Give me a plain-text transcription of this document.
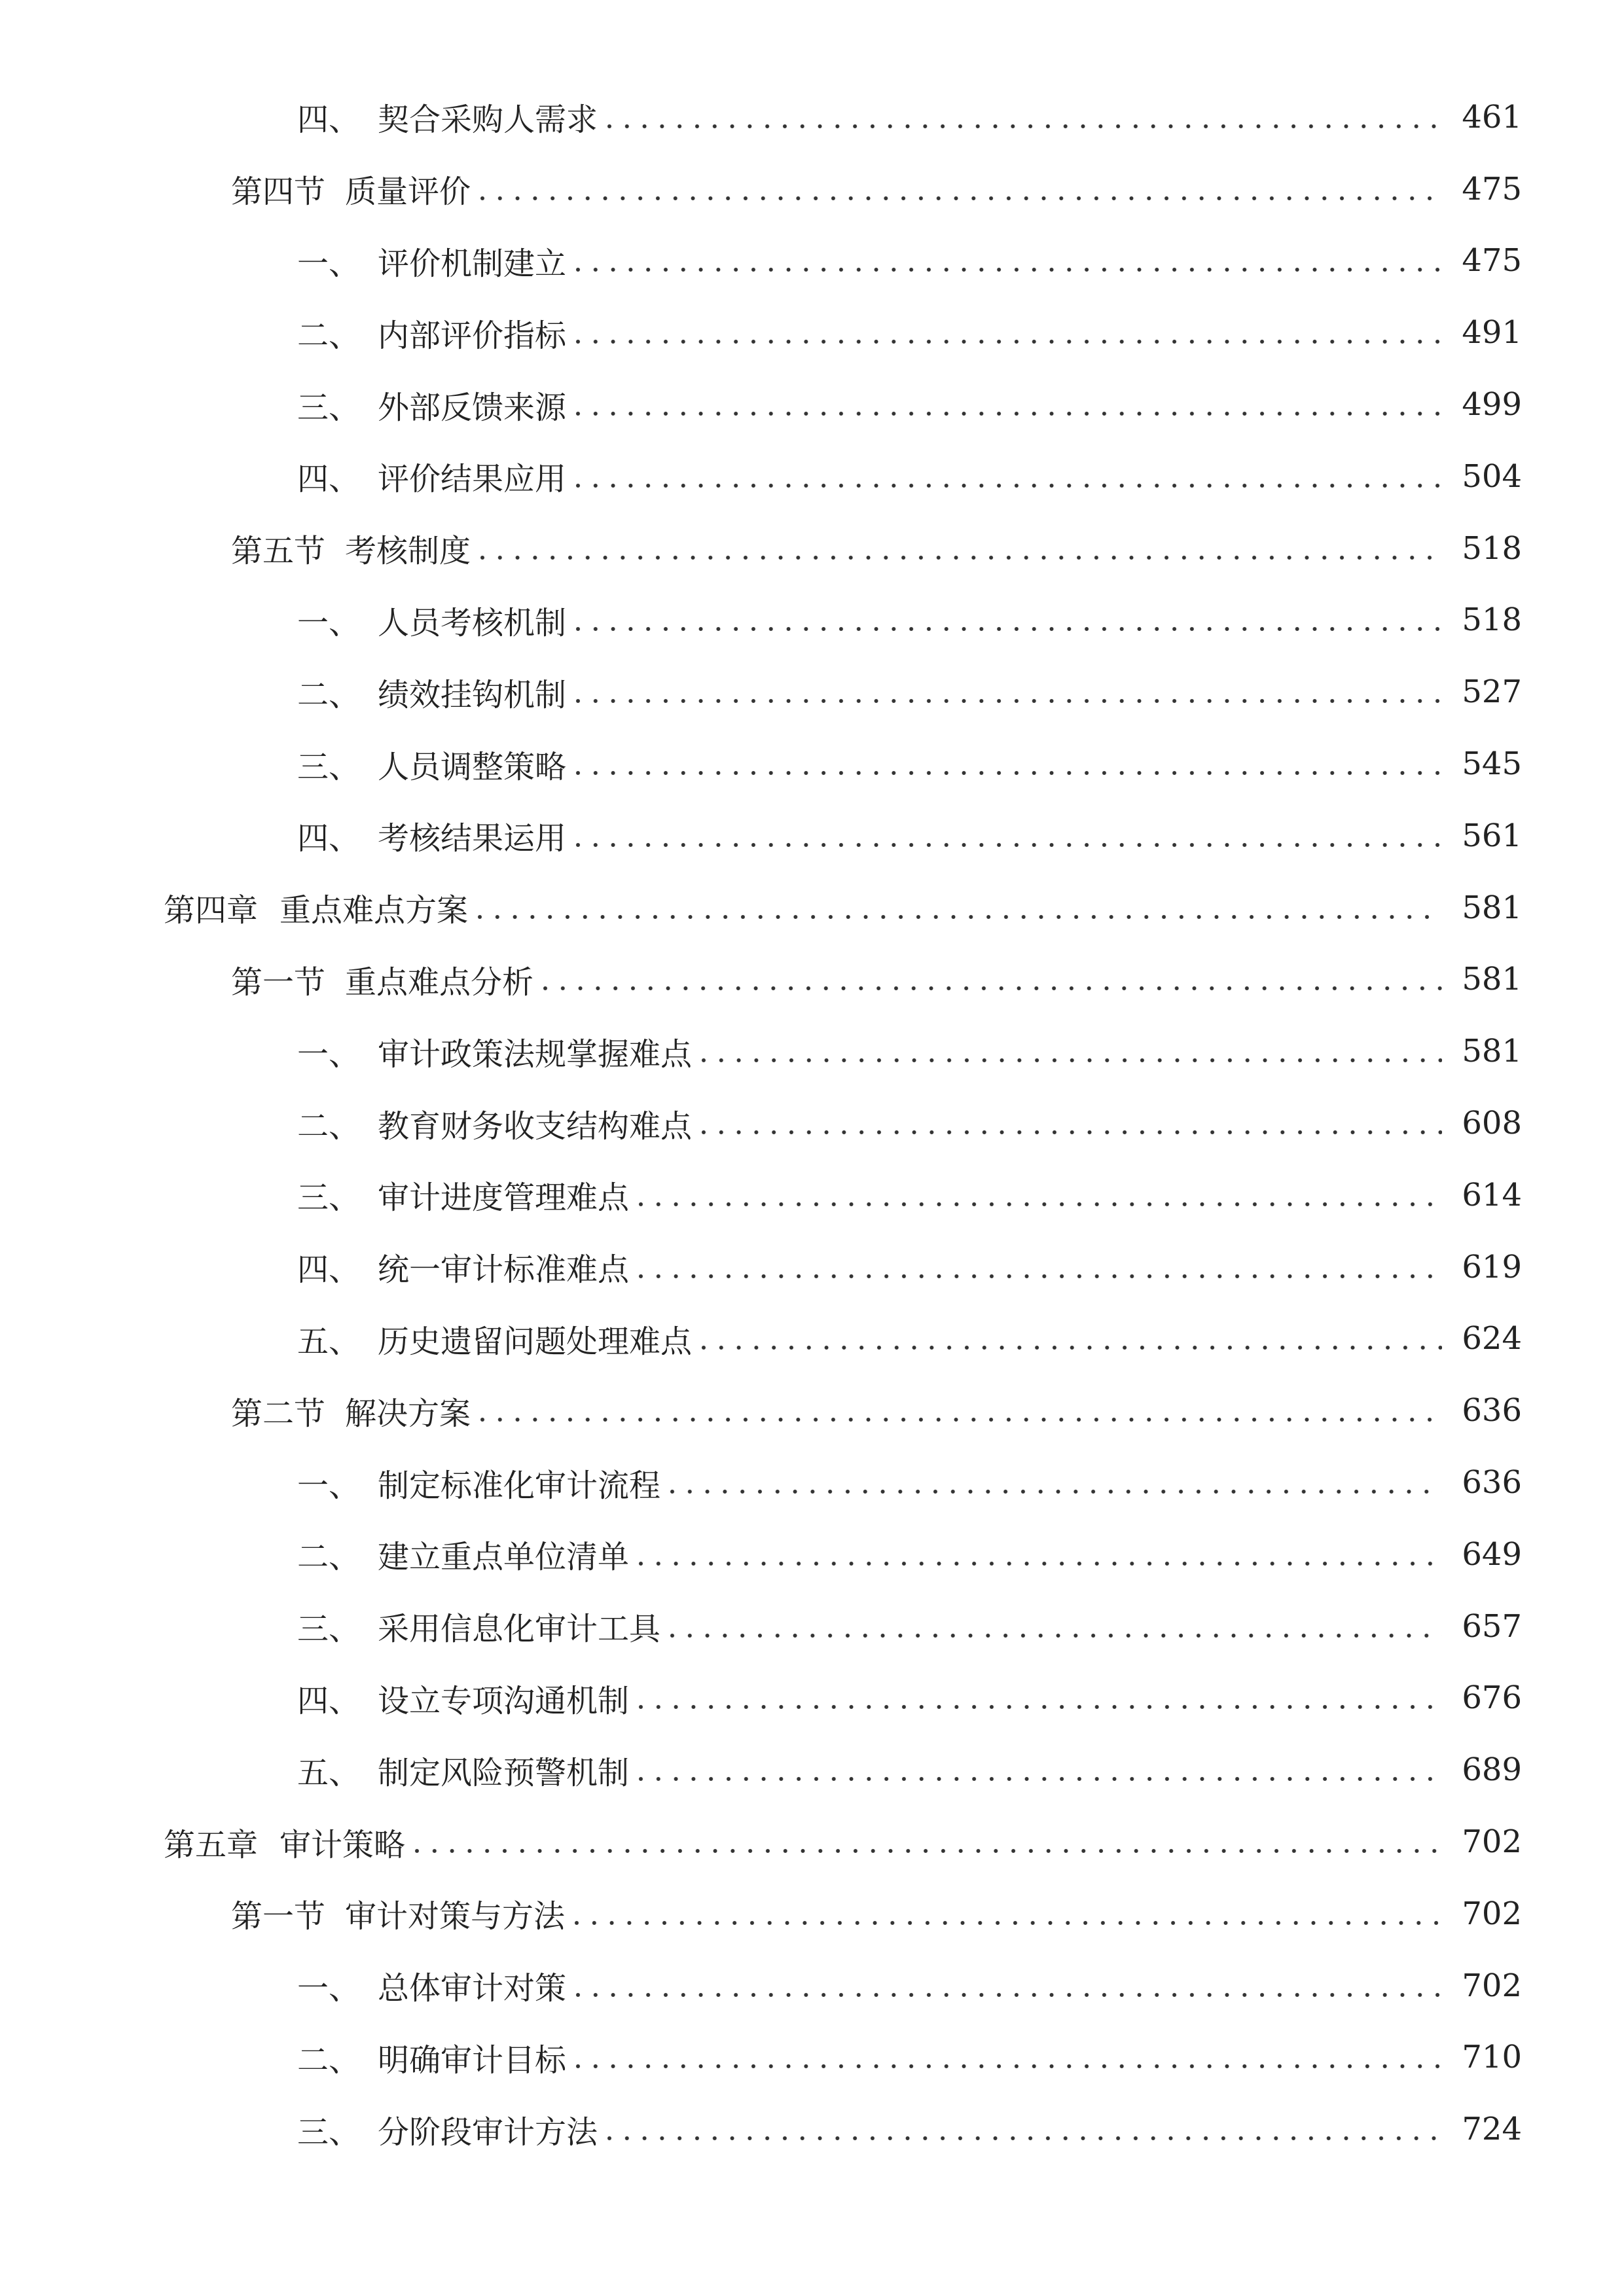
四、 契合采购人需求	461
第四节 质量评价	475
一、 评价机制建立	475
二、 内部评价指标	491
三、 外部反馈来源	499
四、 评价结果应用	504
第五节 考核制度	518
一、 人员考核机制	518
二、 绩效挂钩机制	527
三、 人员调整策略	545
四、 考核结果运用	561
第四章 重点难点方案	581
第一节 重点难点分析	581
一、 审计政策法规掌握难点	581
二、 教育财务收支结构难点	608
三、 审计进度管理难点	614
四、 统一审计标准难点	619
五、 历史遗留问题处理难点	624
第二节 解决方案	636
一、 制定标准化审计流程	636
二、 建立重点单位清单	649
三、 采用信息化审计工具	657
四、 设立专项沟通机制	676
五、 制定风险预警机制	689
第五章 审计策略	702
第一节 审计对策与方法	702
一、 总体审计对策	702
二、 明确审计目标	710
三、 分阶段审计方法	724
